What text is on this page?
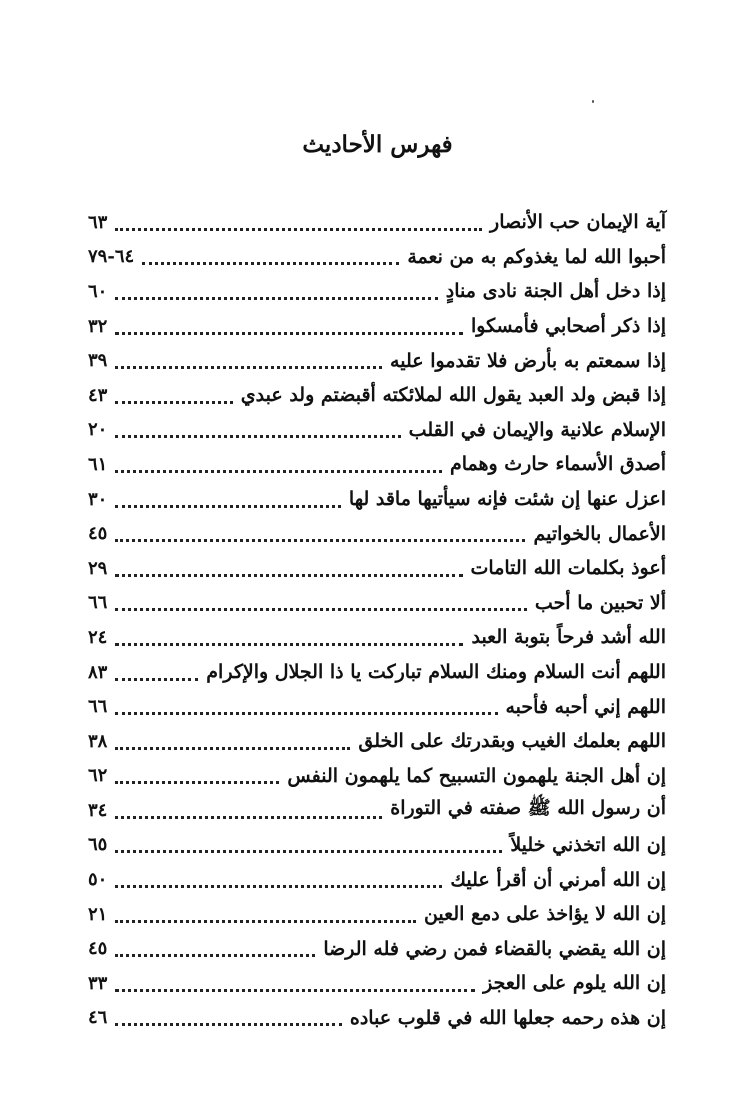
فهرس الأحاديث
آية الإيمان حب الأنصار
٦٣
أحبوا الله لما يغذوكم به من نعمة
٦٤-٧٩
إذا دخل أهل الجنة نادى منادٍ
٦٠
إذا ذكر أصحابي فأمسكوا
٣٢
إذا سمعتم به بأرض فلا تقدموا عليه
٣٩
إذا قبض ولد العبد يقول الله لملائكته أقبضتم ولد عبدي
٤٣
الإسلام علانية والإيمان في القلب
٢٠
أصدق الأسماء حارث وهمام
٦١
اعزل عنها إن شئت فإنه سيأتيها ماقد لها
٣٠
الأعمال بالخواتيم
٤٥
أعوذ بكلمات الله التامات
٢٩
ألا تحبين ما أحب
٦٦
الله أشد فرحاً بتوبة العبد
٢٤
اللهم أنت السلام ومنك السلام تباركت يا ذا الجلال والإكرام
٨٣
اللهم إني أحبه فأحبه
٦٦
اللهم بعلمك الغيب وبقدرتك على الخلق
٣٨
إن أهل الجنة يلهمون التسبيح كما يلهمون النفس
٦٢
أن رسول الله ﷺ صفته في التوراة
٣٤
إن الله اتخذني خليلاً
٦٥
إن الله أمرني أن أقرأ عليك
٥٠
إن الله لا يؤاخذ على دمع العين
٢١
إن الله يقضي بالقضاء فمن رضي فله الرضا
٤٥
إن الله يلوم على العجز
٣٣
إن هذه رحمه جعلها الله في قلوب عباده
٤٦
